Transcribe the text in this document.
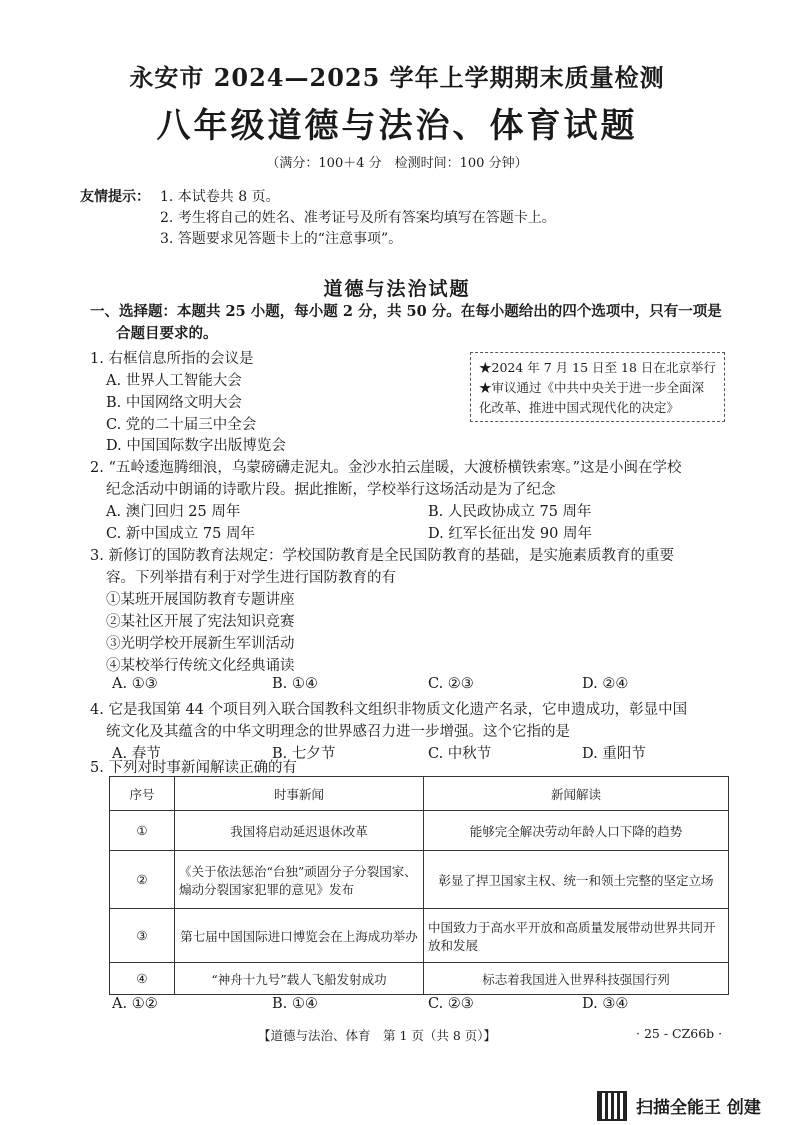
永安市 2024—2025 学年上学期期末质量检测
八年级道德与法治、体育试题
（满分：100＋4 分　检测时间：100 分钟）
友情提示： 1. 本试卷共 8 页。
2. 考生将自己的姓名、准考证号及所有答案均填写在答题卡上。
3. 答题要求见答题卡上的“注意事项”。
道德与法治试题
一、选择题：本题共 25 小题，每小题 2 分，共 50 分。在每小题给出的四个选项中，只有一项是
合题目要求的。
1. 右框信息所指的会议是
A. 世界人工智能大会
B. 中国网络文明大会
C. 党的二十届三中全会
D. 中国国际数字出版博览会
★2024 年 7 月 15 日至 18 日在北京举行
★审议通过《中共中央关于进一步全面深化改革、推进中国式现代化的决定》
2. “五岭逶迤腾细浪，乌蒙磅礴走泥丸。金沙水拍云崖暖，大渡桥横铁索寒。”这是小闽在学校
纪念活动中朗诵的诗歌片段。据此推断，学校举行这场活动是为了纪念
A. 澳门回归 25 周年	B. 人民政协成立 75 周年
C. 新中国成立 75 周年	D. 红军长征出发 90 周年
3. 新修订的国防教育法规定：学校国防教育是全民国防教育的基础，是实施素质教育的重要
容。下列举措有利于对学生进行国防教育的有
①某班开展国防教育专题讲座
②某社区开展了宪法知识竞赛
③光明学校开展新生军训活动
④某校举行传统文化经典诵读
A. ①③	B. ①④	C. ②③	D. ②④
4. 它是我国第 44 个项目列入联合国教科文组织非物质文化遗产名录，它申遗成功，彰显中国
统文化及其蕴含的中华文明理念的世界感召力进一步增强。这个它指的是
A. 春节	B. 七夕节	C. 中秋节	D. 重阳节
5. 下列对时事新闻解读正确的有
序号	时事新闻	新闻解读
①	我国将启动延迟退休改革	能够完全解决劳动年龄人口下降的趋势
②	《关于依法惩治“台独”顽固分子分裂国家、煽动分裂国家犯罪的意见》发布	彰显了捍卫国家主权、统一和领土完整的坚定立场
③	第七届中国国际进口博览会在上海成功举办	中国致力于高水平开放和高质量发展带动世界共同开放和发展
④	“神舟十九号”载人飞船发射成功	标志着我国进入世界科技强国行列
A. ①②	B. ①④	C. ②③	D. ③④
【道德与法治、体育　第 1 页（共 8 页）】	· 25 - CZ66b ·
扫描全能王 创建
